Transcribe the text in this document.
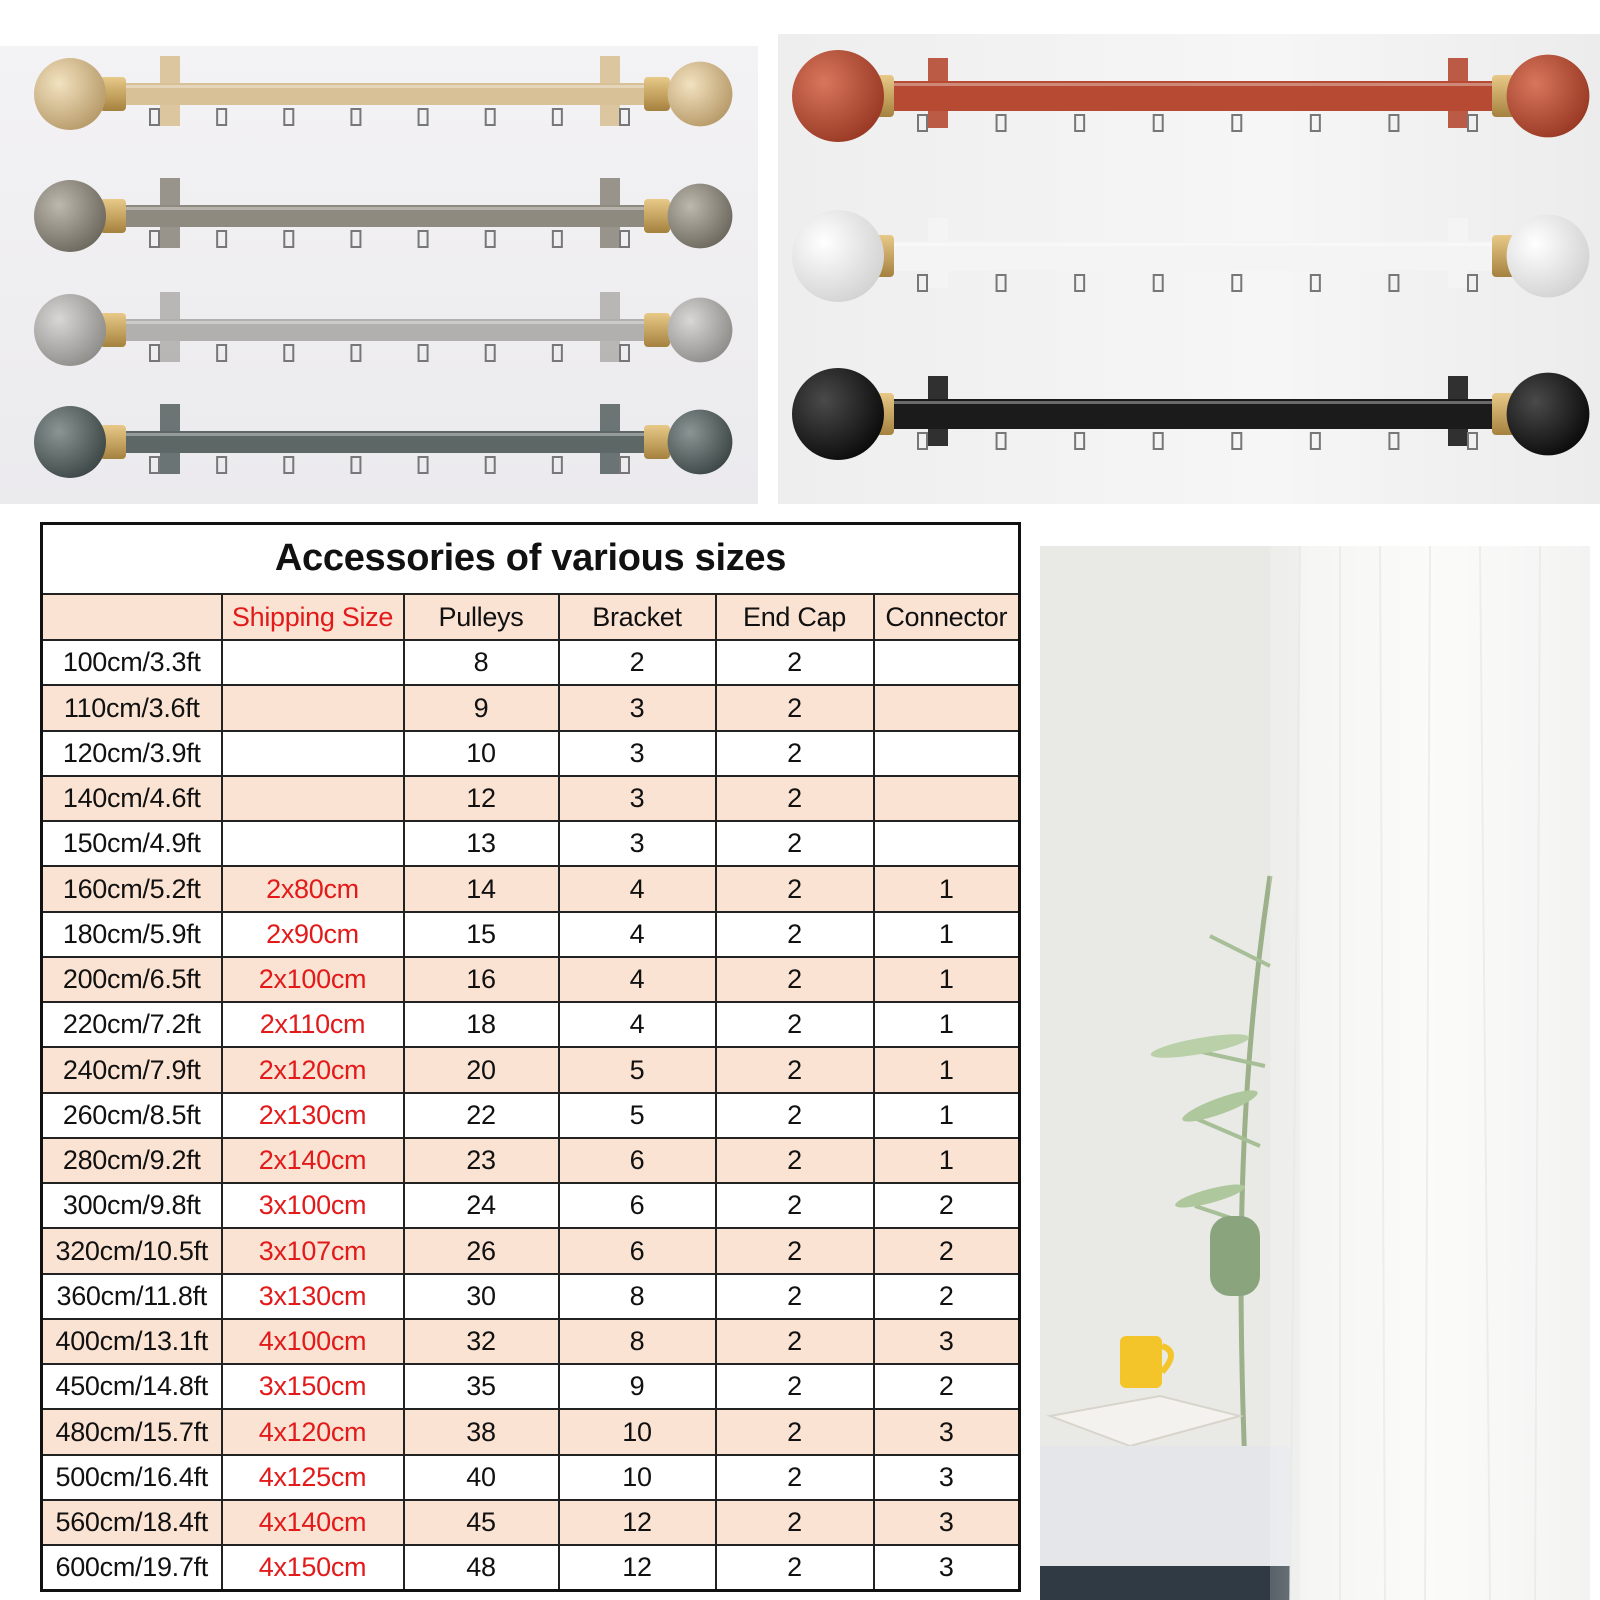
Accessories of various sizes					
	Shipping Size	Pulleys	Bracket	End Cap	Connector
100cm/3.3ft		8	2	2	
110cm/3.6ft		9	3	2	
120cm/3.9ft		10	3	2	
140cm/4.6ft		12	3	2	
150cm/4.9ft		13	3	2	
160cm/5.2ft	2x80cm	14	4	2	1
180cm/5.9ft	2x90cm	15	4	2	1
200cm/6.5ft	2x100cm	16	4	2	1
220cm/7.2ft	2x110cm	18	4	2	1
240cm/7.9ft	2x120cm	20	5	2	1
260cm/8.5ft	2x130cm	22	5	2	1
280cm/9.2ft	2x140cm	23	6	2	1
300cm/9.8ft	3x100cm	24	6	2	2
320cm/10.5ft	3x107cm	26	6	2	2
360cm/11.8ft	3x130cm	30	8	2	2
400cm/13.1ft	4x100cm	32	8	2	3
450cm/14.8ft	3x150cm	35	9	2	2
480cm/15.7ft	4x120cm	38	10	2	3
500cm/16.4ft	4x125cm	40	10	2	3
560cm/18.4ft	4x140cm	45	12	2	3
600cm/19.7ft	4x150cm	48	12	2	3
